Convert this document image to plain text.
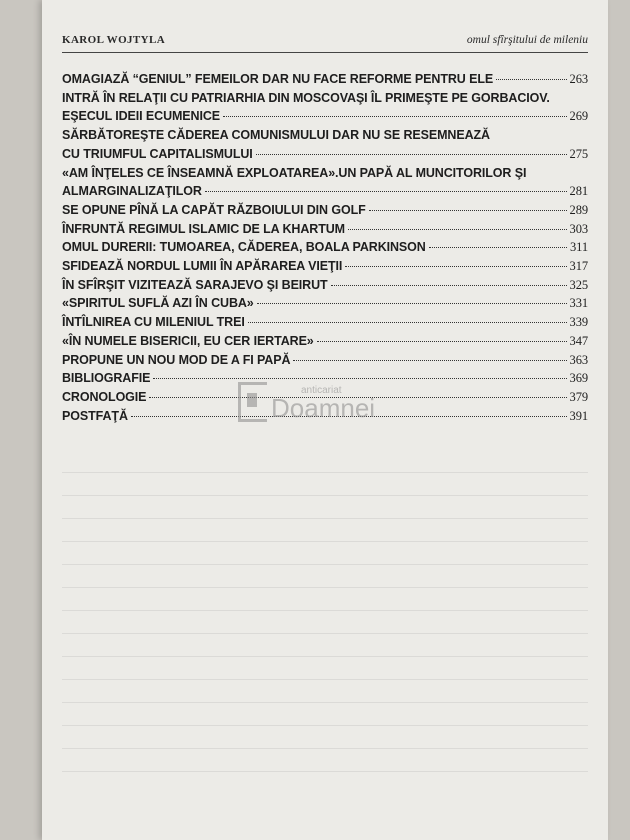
KAROL WOJTYLA	omul sfîrşitului de mileniu
OMAGIAZĂ “GENIUL” FEMEILOR DAR NU FACE REFORME PENTRU ELE	263
INTRĂ ÎN RELAŢII CU PATRIARHIA DIN MOSCOVAŞI ÎL PRIMEŞTE PE GORBACIOV.
EŞECUL IDEII ECUMENICE	269
SĂRBĂTOREŞTE CĂDEREA COMUNISMULUI DAR NU SE RESEMNEAZĂ
CU TRIUMFUL CAPITALISMULUI	275
«AM ÎNŢELES CE ÎNSEAMNĂ EXPLOATAREA».UN PAPĂ AL MUNCITORILOR ŞI
ALMARGINALIZAŢILOR	281
SE OPUNE PÎNĂ LA CAPĂT RĂZBOIULUI DIN GOLF	289
ÎNFRUNTĂ REGIMUL ISLAMIC DE LA KHARTUM	303
OMUL DURERII: TUMOAREA, CĂDEREA, BOALA PARKINSON	311
SFIDEAZĂ NORDUL LUMII ÎN APĂRAREA VIEŢII	317
ÎN SFÎRŞIT VIZITEAZĂ SARAJEVO ŞI BEIRUT	325
«SPIRITUL SUFLĂ AZI ÎN CUBA»	331
ÎNTÎLNIREA CU MILENIUL TREI	339
«ÎN NUMELE BISERICII, EU CER IERTARE»	347
PROPUNE UN NOU MOD DE A FI PAPĂ	363
BIBLIOGRAFIE	369
CRONOLOGIE	379
POSTFAŢĂ	391
anticariat
Doamnei
